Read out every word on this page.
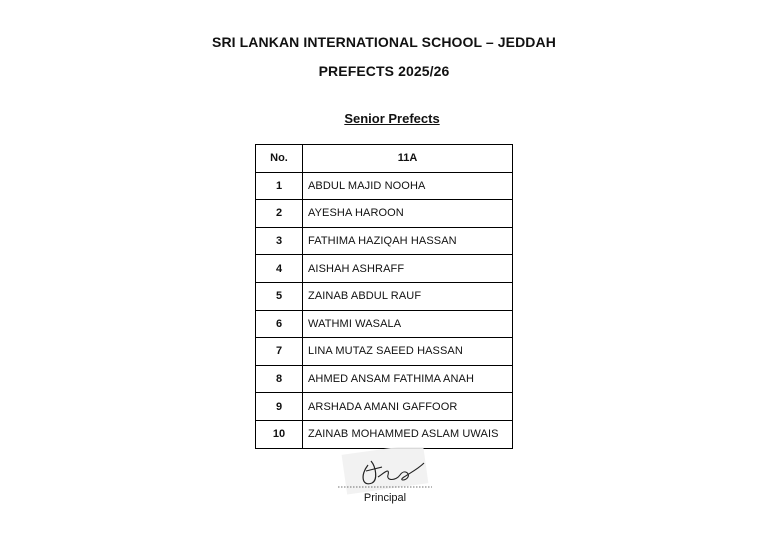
SRI LANKAN INTERNATIONAL SCHOOL – JEDDAH
PREFECTS 2025/26
Senior Prefects
No.	11A
1	ABDUL MAJID NOOHA
2	AYESHA HAROON
3	FATHIMA HAZIQAH HASSAN
4	AISHAH ASHRAFF
5	ZAINAB ABDUL RAUF
6	WATHMI WASALA
7	LINA MUTAZ SAEED HASSAN
8	AHMED ANSAM FATHIMA ANAH
9	ARSHADA AMANI GAFFOOR
10	ZAINAB MOHAMMED ASLAM UWAIS
Principal
